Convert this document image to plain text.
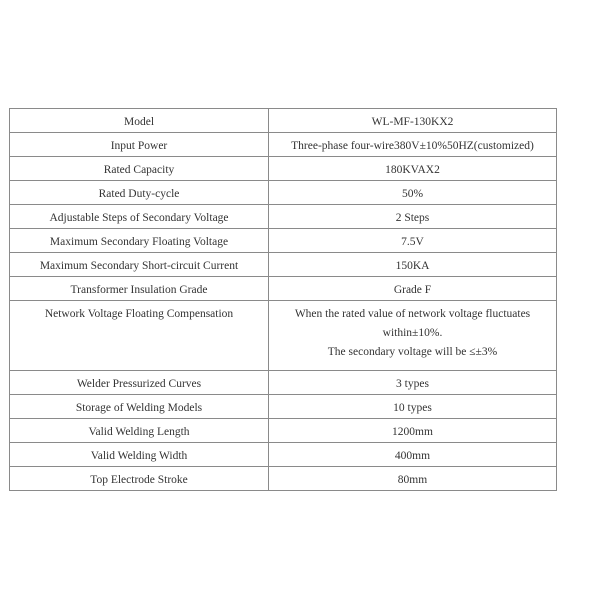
Model	WL-MF-130KX2
Input Power	Three-phase four-wire380V±10%50HZ(customized)
Rated Capacity	180KVAX2
Rated Duty-cycle	50%
Adjustable Steps of Secondary Voltage	2 Steps
Maximum Secondary Floating Voltage	7.5V
Maximum Secondary Short-circuit Current	150KA
Transformer Insulation Grade	Grade F
Network Voltage Floating Compensation	When the rated value of network voltage fluctuates
within±10%.
The secondary voltage will be ≤±3%

Welder Pressurized Curves	3 types
Storage of Welding Models	10 types
Valid Welding Length	1200mm
Valid Welding Width	400mm
Top Electrode Stroke	80mm
